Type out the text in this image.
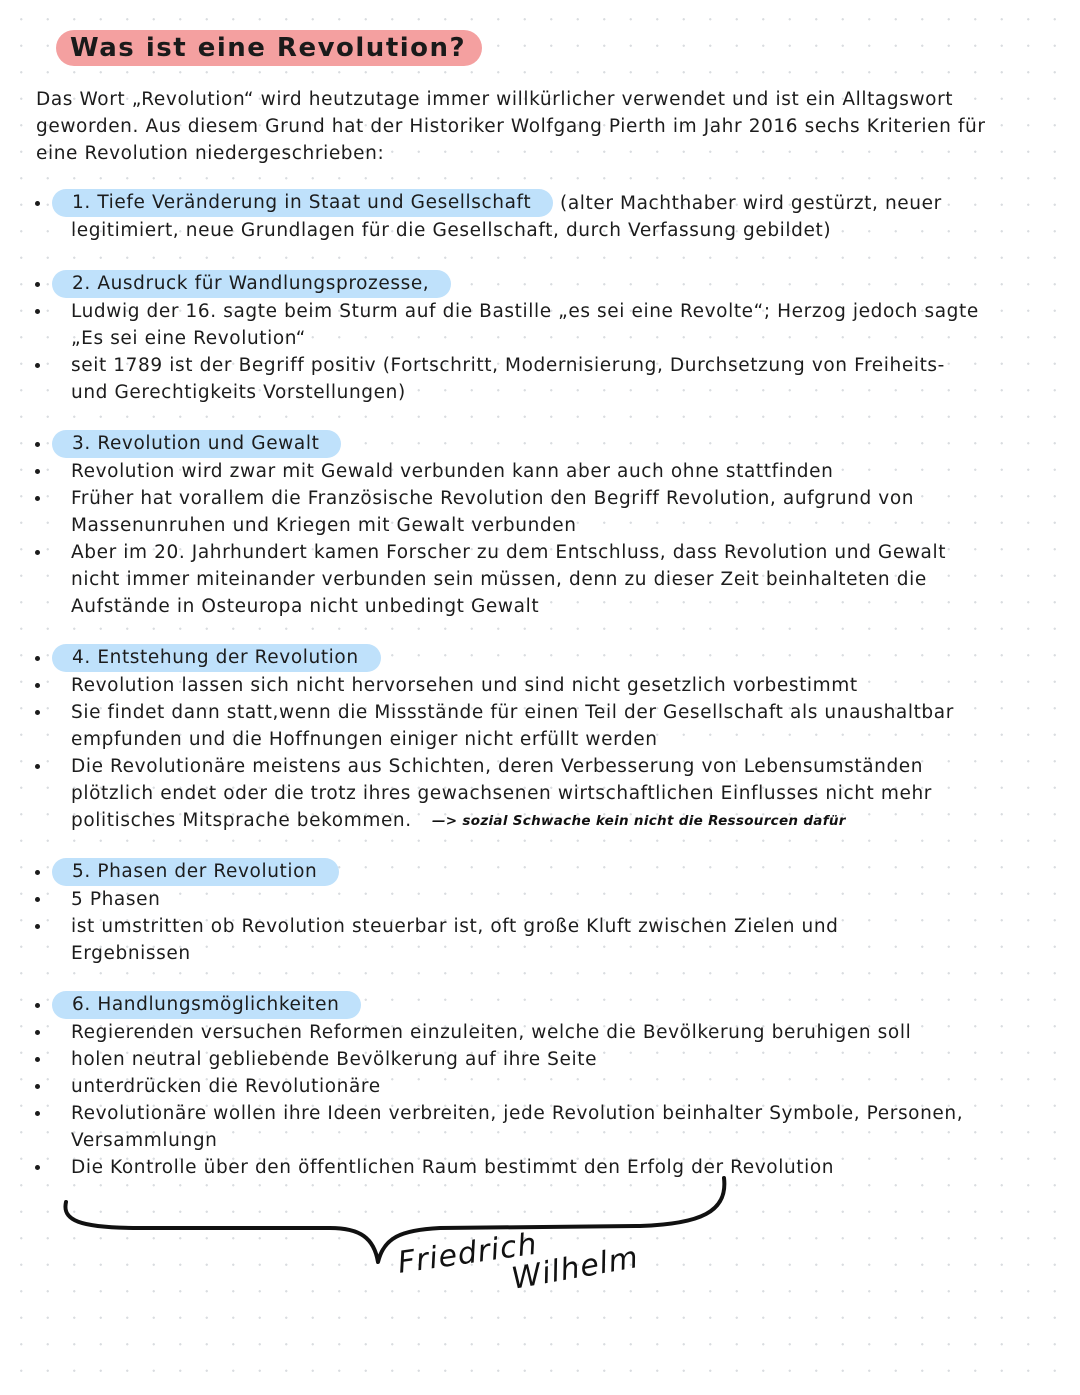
Was ist eine Revolution?
Das Wort „Revolution“ wird heutzutage immer willkürlicher verwendet und ist ein Alltagswort geworden. Aus diesem Grund hat der Historiker Wolfgang Pierth im Jahr 2016 sechs Kriterien für eine Revolution niedergeschrieben:
1. Tiefe Veränderung in Staat und Gesellschaft	(alter Machthaber wird gestürzt, neuer
legitimiert, neue Grundlagen für die Gesellschaft, durch Verfassung gebildet)
2. Ausdruck für Wandlungsprozesse,
Ludwig der 16. sagte beim Sturm auf die Bastille „es sei eine Revolte“; Herzog jedoch sagte
„Es sei eine Revolution“
seit 1789 ist der Begriff positiv (Fortschritt, Modernisierung, Durchsetzung von Freiheits-
und Gerechtigkeits Vorstellungen)
3. Revolution und Gewalt
Revolution wird zwar mit Gewald verbunden kann aber auch ohne stattfinden
Früher hat vorallem die Französische Revolution den Begriff Revolution, aufgrund von
Massenunruhen und Kriegen mit Gewalt verbunden
Aber im 20. Jahrhundert kamen Forscher zu dem Entschluss, dass Revolution und Gewalt
nicht immer miteinander verbunden sein müssen, denn zu dieser Zeit beinhalteten die
Aufstände in Osteuropa nicht unbedingt Gewalt
4. Entstehung der Revolution
Revolution lassen sich nicht hervorsehen und sind nicht gesetzlich vorbestimmt
Sie findet dann statt,wenn die Missstände für einen Teil der Gesellschaft als unaushaltbar
empfunden und die Hoffnungen einiger nicht erfüllt werden
Die Revolutionäre meistens aus Schichten, deren Verbesserung von Lebensumständen
plötzlich endet oder die trotz ihres gewachsenen wirtschaftlichen Einflusses nicht mehr
politisches Mitsprache bekommen. —> sozial Schwache kein nicht die Ressourcen dafür
5. Phasen der Revolution
5 Phasen
ist umstritten ob Revolution steuerbar ist, oft große Kluft zwischen Zielen und
Ergebnissen
6. Handlungsmöglichkeiten
Regierenden versuchen Reformen einzuleiten, welche die Bevölkerung beruhigen soll
holen neutral gebliebende Bevölkerung auf ihre Seite
unterdrücken die Revolutionäre
Revolutionäre wollen ihre Ideen verbreiten, jede Revolution beinhalter Symbole, Personen,
Versammlungn
Die Kontrolle über den öffentlichen Raum bestimmt den Erfolg der Revolution
Friedrich
Wilhelm
